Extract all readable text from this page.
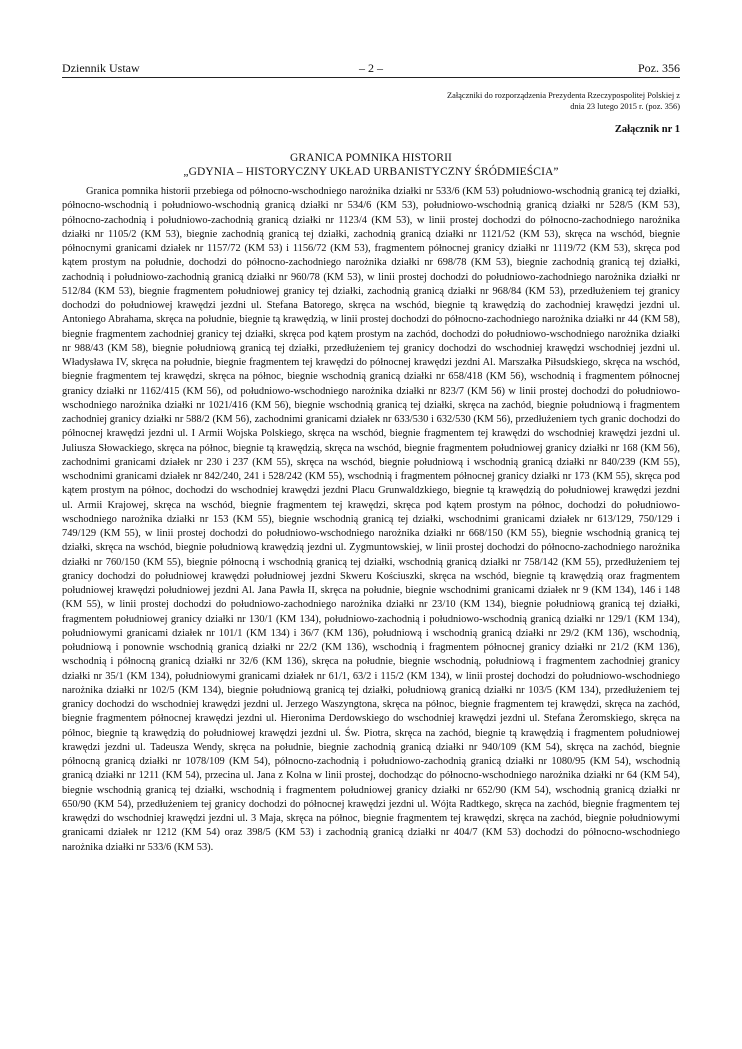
Dziennik Ustaw	– 2 –	Poz. 356
Załączniki do rozporządzenia Prezydenta Rzeczypospolitej Polskiej z dnia 23 lutego 2015 r. (poz. 356)
Załącznik nr 1
GRANICA POMNIKA HISTORII
„GDYNIA – HISTORYCZNY UKŁAD URBANISTYCZNY ŚRÓDMIEŚCIA”
Granica pomnika historii przebiega od północno-wschodniego narożnika działki nr 533/6 (KM 53) południowo-wschodnią granicą tej działki, północno-wschodnią i południowo-wschodnią granicą działki nr 534/6 (KM 53), południowo-wschodnią granicą działki nr 528/5 (KM 53), północno-zachodnią i południowo-zachodnią granicą działki nr 1123/4 (KM 53), w linii prostej dochodzi do północno-zachodniego narożnika działki nr 1105/2 (KM 53), biegnie zachodnią granicą tej działki, zachodnią granicą działki nr 1121/52 (KM 53), skręca na wschód, biegnie północnymi granicami działek nr 1157/72 (KM 53) i 1156/72 (KM 53), fragmentem północnej granicy działki nr 1119/72 (KM 53), skręca pod kątem prostym na południe, dochodzi do północno-zachodniego narożnika działki nr 698/78 (KM 53), biegnie zachodnią granicą tej działki, zachodnią i południowo-zachodnią granicą działki nr 960/78 (KM 53), w linii prostej dochodzi do południowo-zachodniego narożnika działki nr 512/84 (KM 53), biegnie fragmentem południowej granicy tej działki, zachodnią granicą działki nr 968/84 (KM 53), przedłużeniem tej granicy dochodzi do południowej krawędzi jezdni ul. Stefana Batorego, skręca na wschód, biegnie tą krawędzią do zachodniej krawędzi jezdni ul. Antoniego Abrahama, skręca na południe, biegnie tą krawędzią, w linii prostej dochodzi do północno-zachodniego narożnika działki nr 44 (KM 58), biegnie fragmentem zachodniej granicy tej działki, skręca pod kątem prostym na zachód, dochodzi do południowo-wschodniego narożnika działki nr 988/43 (KM 58), biegnie południową granicą tej działki, przedłużeniem tej granicy dochodzi do wschodniej krawędzi wschodniej jezdni ul. Władysława IV, skręca na południe, biegnie fragmentem tej krawędzi do północnej krawędzi jezdni Al. Marszałka Piłsudskiego, skręca na wschód, biegnie fragmentem tej krawędzi, skręca na północ, biegnie wschodnią granicą działki nr 658/418 (KM 56), wschodnią i fragmentem północnej granicy działki nr 1162/415 (KM 56), od południowo-wschodniego narożnika działki nr 823/7 (KM 56) w linii prostej dochodzi do południowo-wschodniego narożnika działki nr 1021/416 (KM 56), biegnie wschodnią granicą tej działki, skręca na zachód, biegnie południową i fragmentem zachodniej granicy działki nr 588/2 (KM 56), zachodnimi granicami działek nr 633/530 i 632/530 (KM 56), przedłużeniem tych granic dochodzi do północnej krawędzi jezdni ul. I Armii Wojska Polskiego, skręca na wschód, biegnie fragmentem tej krawędzi do wschodniej krawędzi jezdni ul. Juliusza Słowackiego, skręca na północ, biegnie tą krawędzią, skręca na wschód, biegnie fragmentem południowej granicy działki nr 168 (KM 56), zachodnimi granicami działek nr 230 i 237 (KM 55), skręca na wschód, biegnie południową i wschodnią granicą działki nr 840/239 (KM 55), wschodnimi granicami działek nr 842/240, 241 i 528/242 (KM 55), wschodnią i fragmentem północnej granicy działki nr 173 (KM 55), skręca pod kątem prostym na północ, dochodzi do wschodniej krawędzi jezdni Placu Grunwaldzkiego, biegnie tą krawędzią do południowej krawędzi jezdni ul. Armii Krajowej, skręca na wschód, biegnie fragmentem tej krawędzi, skręca pod kątem prostym na północ, dochodzi do południowo-wschodniego narożnika działki nr 153 (KM 55), biegnie wschodnią granicą tej działki, wschodnimi granicami działek nr 613/129, 750/129 i 749/129 (KM 55), w linii prostej dochodzi do południowo-wschodniego narożnika działki nr 668/150 (KM 55), biegnie wschodnią granicą tej działki, skręca na wschód, biegnie południową krawędzią jezdni ul. Zygmuntowskiej, w linii prostej dochodzi do północno-zachodniego narożnika działki nr 760/150 (KM 55), biegnie północną i wschodnią granicą tej działki, wschodnią granicą działki nr 758/142 (KM 55), przedłużeniem tej granicy dochodzi do południowej krawędzi południowej jezdni Skweru Kościuszki, skręca na wschód, biegnie tą krawędzią oraz fragmentem południowej krawędzi południowej jezdni Al. Jana Pawła II, skręca na południe, biegnie wschodnimi granicami działek nr 9 (KM 134), 146 i 148 (KM 55), w linii prostej dochodzi do południowo-zachodniego narożnika działki nr 23/10 (KM 134), biegnie południową granicą tej działki, fragmentem południowej granicy działki nr 130/1 (KM 134), południowo-zachodnią i południowo-wschodnią granicą działki nr 129/1 (KM 134), południowymi granicami działek nr 101/1 (KM 134) i 36/7 (KM 136), południową i wschodnią granicą działki nr 29/2 (KM 136), wschodnią, południową i ponownie wschodnią granicą działki nr 22/2 (KM 136), wschodnią i fragmentem północnej granicy działki nr 21/2 (KM 136), wschodnią i północną granicą działki nr 32/6 (KM 136), skręca na południe, biegnie wschodnią, południową i fragmentem zachodniej granicy działki nr 35/1 (KM 134), południowymi granicami działek nr 61/1, 63/2 i 115/2 (KM 134), w linii prostej dochodzi do południowo-wschodniego narożnika działki nr 102/5 (KM 134), biegnie południową granicą tej działki, południową granicą działki nr 103/5 (KM 134), przedłużeniem tej granicy dochodzi do wschodniej krawędzi jezdni ul. Jerzego Waszyngtona, skręca na północ, biegnie fragmentem tej krawędzi, skręca na zachód, biegnie fragmentem północnej krawędzi jezdni ul. Hieronima Derdowskiego do wschodniej krawędzi jezdni ul. Stefana Żeromskiego, skręca na północ, biegnie tą krawędzią do południowej krawędzi jezdni ul. Św. Piotra, skręca na zachód, biegnie tą krawędzią i fragmentem południowej krawędzi jezdni ul. Tadeusza Wendy, skręca na południe, biegnie zachodnią granicą działki nr 940/109 (KM 54), skręca na zachód, biegnie północną granicą działki nr 1078/109 (KM 54), północno-zachodnią i południowo-zachodnią granicą działki nr 1080/95 (KM 54), wschodnią granicą działki nr 1211 (KM 54), przecina ul. Jana z Kolna w linii prostej, dochodząc do północno-wschodniego narożnika działki nr 64 (KM 54), biegnie wschodnią granicą tej działki, wschodnią i fragmentem południowej granicy działki nr 652/90 (KM 54), wschodnią granicą działki nr 650/90 (KM 54), przedłużeniem tej granicy dochodzi do północnej krawędzi jezdni ul. Wójta Radtkego, skręca na zachód, biegnie fragmentem tej krawędzi do wschodniej krawędzi jezdni ul. 3 Maja, skręca na północ, biegnie fragmentem tej krawędzi, skręca na zachód, biegnie południowymi granicami działek nr 1212 (KM 54) oraz 398/5 (KM 53) i zachodnią granicą działki nr 404/7 (KM 53) dochodzi do północno-wschodniego narożnika działki nr 533/6 (KM 53).
